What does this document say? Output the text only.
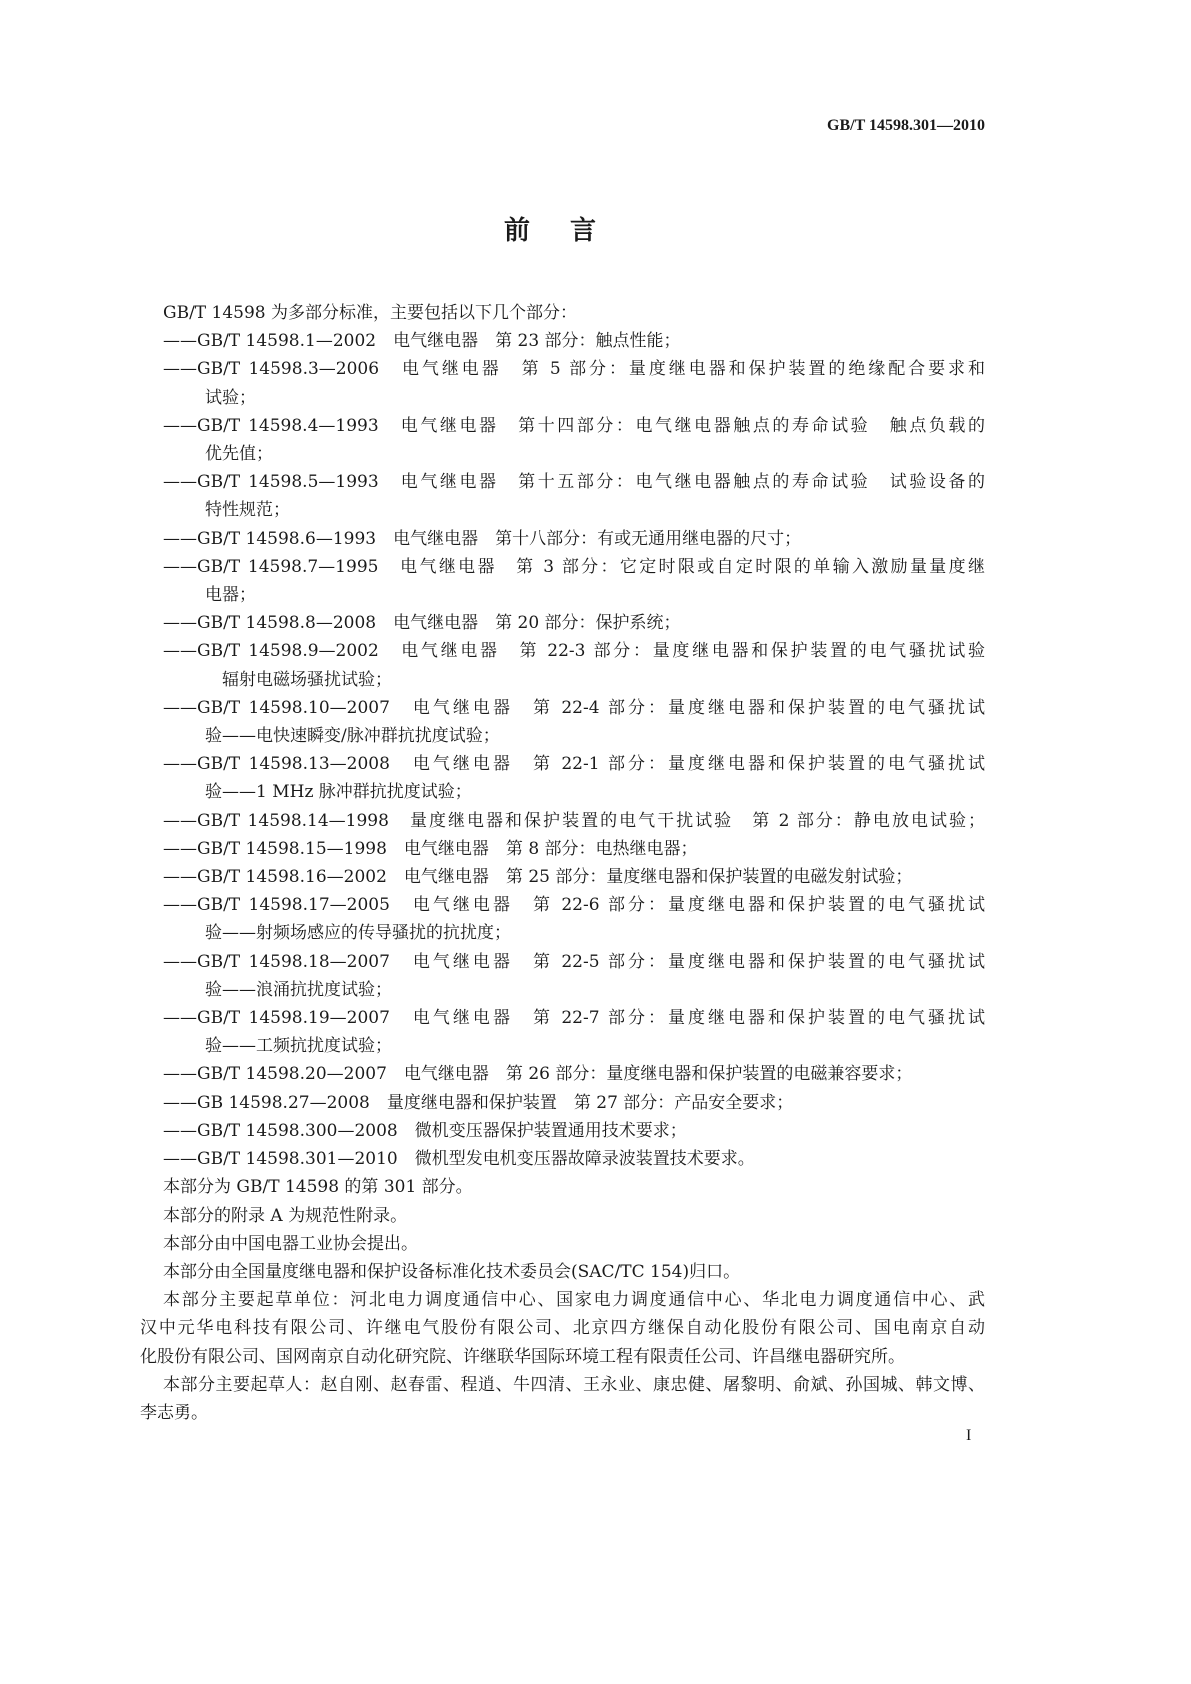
GB/T 14598.301—2010
前言
GB/T 14598 为多部分标准，主要包括以下几个部分：
——GB/T 14598.1—2002　电气继电器　第 23 部分：触点性能；
——GB/T 14598.3—2006　电气继电器　第 5 部分：量度继电器和保护装置的绝缘配合要求和
试验；
——GB/T 14598.4—1993　电气继电器　第十四部分：电气继电器触点的寿命试验　触点负载的
优先值；
——GB/T 14598.5—1993　电气继电器　第十五部分：电气继电器触点的寿命试验　试验设备的
特性规范；
——GB/T 14598.6—1993　电气继电器　第十八部分：有或无通用继电器的尺寸；
——GB/T 14598.7—1995　电气继电器　第 3 部分：它定时限或自定时限的单输入激励量量度继
电器；
——GB/T 14598.8—2008　电气继电器　第 20 部分：保护系统；
——GB/T 14598.9—2002　电气继电器　第 22-3 部分：量度继电器和保护装置的电气骚扰试验
　辐射电磁场骚扰试验；
——GB/T 14598.10—2007　电气继电器　第 22-4 部分：量度继电器和保护装置的电气骚扰试
验——电快速瞬变/脉冲群抗扰度试验；
——GB/T 14598.13—2008　电气继电器　第 22-1 部分：量度继电器和保护装置的电气骚扰试
验——1 MHz 脉冲群抗扰度试验；
——GB/T 14598.14—1998　量度继电器和保护装置的电气干扰试验　第 2 部分：静电放电试验；
——GB/T 14598.15—1998　电气继电器　第 8 部分：电热继电器；
——GB/T 14598.16—2002　电气继电器　第 25 部分：量度继电器和保护装置的电磁发射试验；
——GB/T 14598.17—2005　电气继电器　第 22-6 部分：量度继电器和保护装置的电气骚扰试
验——射频场感应的传导骚扰的抗扰度；
——GB/T 14598.18—2007　电气继电器　第 22-5 部分：量度继电器和保护装置的电气骚扰试
验——浪涌抗扰度试验；
——GB/T 14598.19—2007　电气继电器　第 22-7 部分：量度继电器和保护装置的电气骚扰试
验——工频抗扰度试验；
——GB/T 14598.20—2007　电气继电器　第 26 部分：量度继电器和保护装置的电磁兼容要求；
——GB 14598.27—2008　量度继电器和保护装置　第 27 部分：产品安全要求；
——GB/T 14598.300—2008　微机变压器保护装置通用技术要求；
——GB/T 14598.301—2010　微机型发电机变压器故障录波装置技术要求。
本部分为 GB/T 14598 的第 301 部分。
本部分的附录 A 为规范性附录。
本部分由中国电器工业协会提出。
本部分由全国量度继电器和保护设备标准化技术委员会(SAC/TC 154)归口。
本部分主要起草单位：河北电力调度通信中心、国家电力调度通信中心、华北电力调度通信中心、武
汉中元华电科技有限公司、许继电气股份有限公司、北京四方继保自动化股份有限公司、国电南京自动
化股份有限公司、国网南京自动化研究院、许继联华国际环境工程有限责任公司、许昌继电器研究所。
本部分主要起草人：赵自刚、赵春雷、程逍、牛四清、王永业、康忠健、屠黎明、俞斌、孙国城、韩文博、
李志勇。
I
